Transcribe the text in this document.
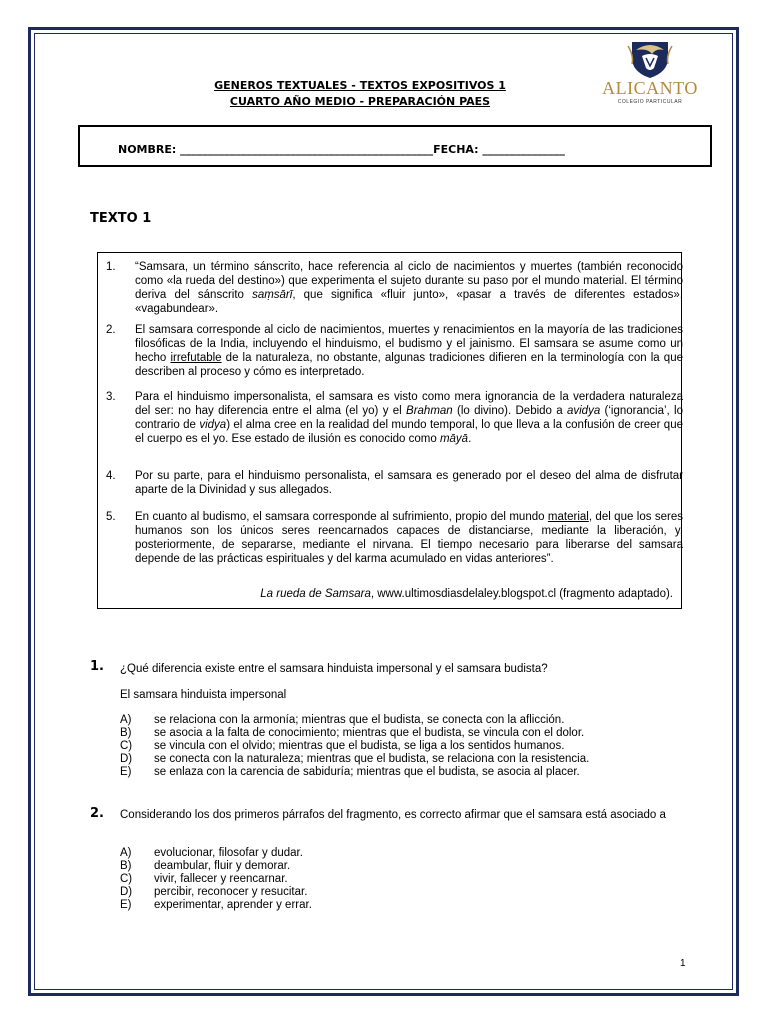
GENEROS TEXTUALES - TEXTOS EXPOSITIVOS 1
CUARTO AÑO MEDIO - PREPARACIÓN PAES
ALICANTO
COLEGIO PARTICULAR
NOMBRE: ______________________________________________FECHA: _______________
TEXTO 1
1. “Samsara, un término sánscrito, hace referencia al ciclo de nacimientos y muertes (también reconocido como «la rueda del destino») que experimenta el sujeto durante su paso por el mundo material. El término deriva del sánscrito saṃsārī, que significa «fluir junto», «pasar a través de diferentes estados», «vagabundear».
2. El samsara corresponde al ciclo de nacimientos, muertes y renacimientos en la mayoría de las tradiciones filosóficas de la India, incluyendo el hinduismo, el budismo y el jainismo. El samsara se asume como un hecho irrefutable de la naturaleza, no obstante, algunas tradiciones difieren en la terminología con la que describen al proceso y cómo es interpretado.
3. Para el hinduismo impersonalista, el samsara es visto como mera ignorancia de la verdadera naturaleza del ser: no hay diferencia entre el alma (el yo) y el Brahman (lo divino). Debido a avidya (‘ignorancia’, lo contrario de vidya) el alma cree en la realidad del mundo temporal, lo que lleva a la confusión de creer que el cuerpo es el yo. Ese estado de ilusión es conocido como māyā.
4. Por su parte, para el hinduismo personalista, el samsara es generado por el deseo del alma de disfrutar aparte de la Divinidad y sus allegados.
5. En cuanto al budismo, el samsara corresponde al sufrimiento, propio del mundo material, del que los seres humanos son los únicos seres reencarnados capaces de distanciarse, mediante la liberación, y, posteriormente, de separarse, mediante el nirvana. El tiempo necesario para liberarse del samsara depende de las prácticas espirituales y del karma acumulado en vidas anteriores”.
La rueda de Samsara, www.ultimosdiasdelaley.blogspot.cl (fragmento adaptado).
1. ¿Qué diferencia existe entre el samsara hinduista impersonal y el samsara budista?
El samsara hinduista impersonal
A) se relaciona con la armonía; mientras que el budista, se conecta con la aflicción.
B) se asocia a la falta de conocimiento; mientras que el budista, se vincula con el dolor.
C) se vincula con el olvido; mientras que el budista, se liga a los sentidos humanos.
D) se conecta con la naturaleza; mientras que el budista, se relaciona con la resistencia.
E) se enlaza con la carencia de sabiduría; mientras que el budista, se asocia al placer.
2. Considerando los dos primeros párrafos del fragmento, es correcto afirmar que el samsara está asociado a
A) evolucionar, filosofar y dudar.
B) deambular, fluir y demorar.
C) vivir, fallecer y reencarnar.
D) percibir, reconocer y resucitar.
E) experimentar, aprender y errar.
1
